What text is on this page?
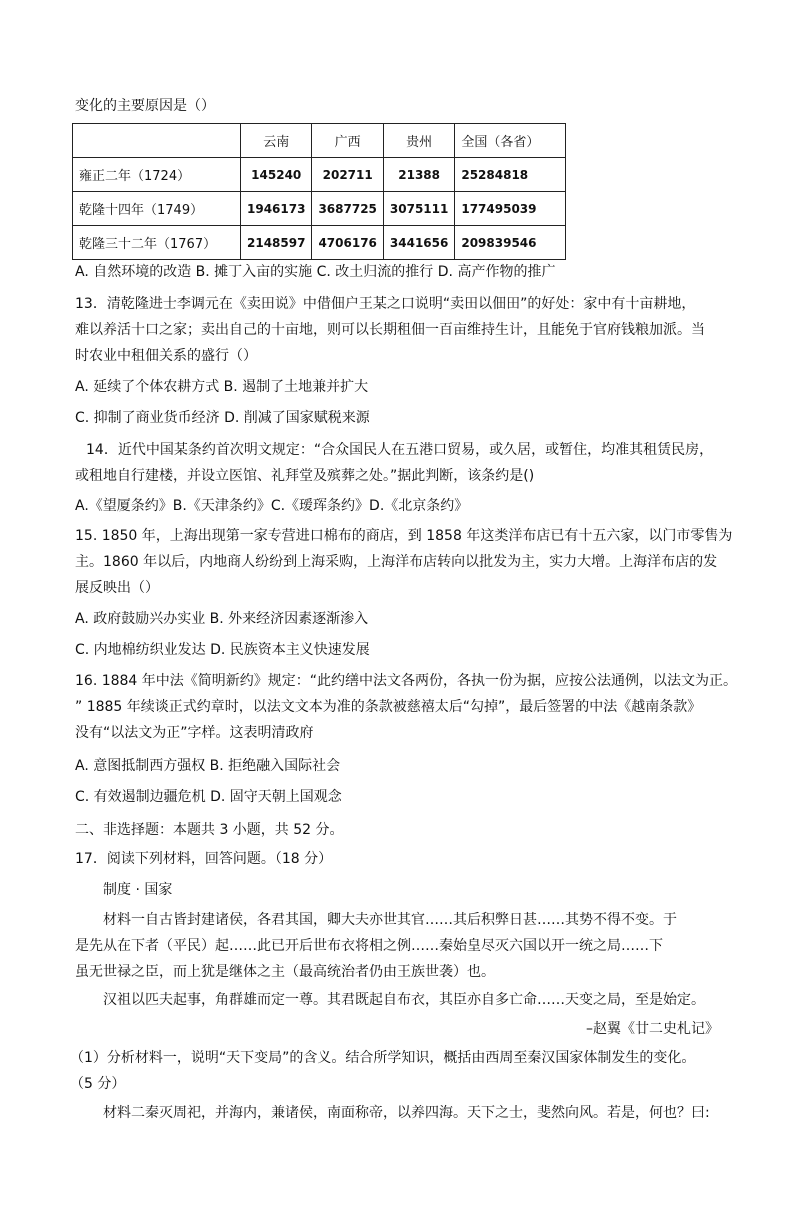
变化的主要原因是（）
	云南	广西	贵州	全国（各省）
雍正二年（1724）	145240	202711	21388	25284818
乾隆十四年（1749）	1946173	3687725	3075111	177495039
乾隆三十二年（1767）	2148597	4706176	3441656	209839546
A. 自然环境的改造 B. 摊丁入亩的实施 C. 改土归流的推行 D. 高产作物的推广
13．清乾隆进士李调元在《卖田说》中借佃户王某之口说明“卖田以佃田”的好处：家中有十亩耕地，
难以养活十口之家；卖出自己的十亩地，则可以长期租佃一百亩维持生计，且能免于官府钱粮加派。当
时农业中租佃关系的盛行（）
A. 延续了个体农耕方式 B. 遏制了土地兼并扩大
C. 抑制了商业货币经济 D. 削减了国家赋税来源
14．近代中国某条约首次明文规定：“合众国民人在五港口贸易，或久居，或暂住，均准其租赁民房，
或租地自行建楼，并设立医馆、礼拜堂及殡葬之处。”据此判断，该条约是()
A.《望厦条约》B.《天津条约》C.《瑷珲条约》D.《北京条约》
15. 1850 年，上海出现第一家专营进口棉布的商店，到 1858 年这类洋布店已有十五六家，以门市零售为
主。1860 年以后，内地商人纷纷到上海采购，上海洋布店转向以批发为主，实力大增。上海洋布店的发
展反映出（）
A. 政府鼓励兴办实业 B. 外来经济因素逐渐渗入
C. 内地棉纺织业发达 D. 民族资本主义快速发展
16. 1884 年中法《简明新约》规定：“此约缮中法文各两份，各执一份为据，应按公法通例，以法文为正。
” 1885 年续谈正式约章时，以法文文本为准的条款被慈禧太后“勾掉”，最后签署的中法《越南条款》
没有“以法文为正”字样。这表明清政府
A. 意图抵制西方强权 B. 拒绝融入国际社会
C. 有效遏制边疆危机 D. 固守天朝上国观念
二、非选择题：本题共 3 小题，共 52 分。
17．阅读下列材料，回答问题。（18 分）
制度 · 国家
材料一自古皆封建诸侯，各君其国，卿大夫亦世其官……其后积弊日甚……其势不得不变。于
是先从在下者（平民）起……此已开后世布衣将相之例……秦始皇尽灭六国以开一统之局……下
虽无世禄之臣，而上犹是继体之主（最高统治者仍由王族世袭）也。
汉祖以匹夫起事，角群雄而定一尊。其君既起自布衣，其臣亦自多亡命……天变之局，至是始定。
–赵翼《廿二史札记》
（1）分析材料一，说明“天下变局”的含义。结合所学知识，概括由西周至秦汉国家体制发生的变化。
（5 分）
材料二秦灭周祀，并海内，兼诸侯，南面称帝，以养四海。天下之士，斐然向风。若是，何也？曰:
